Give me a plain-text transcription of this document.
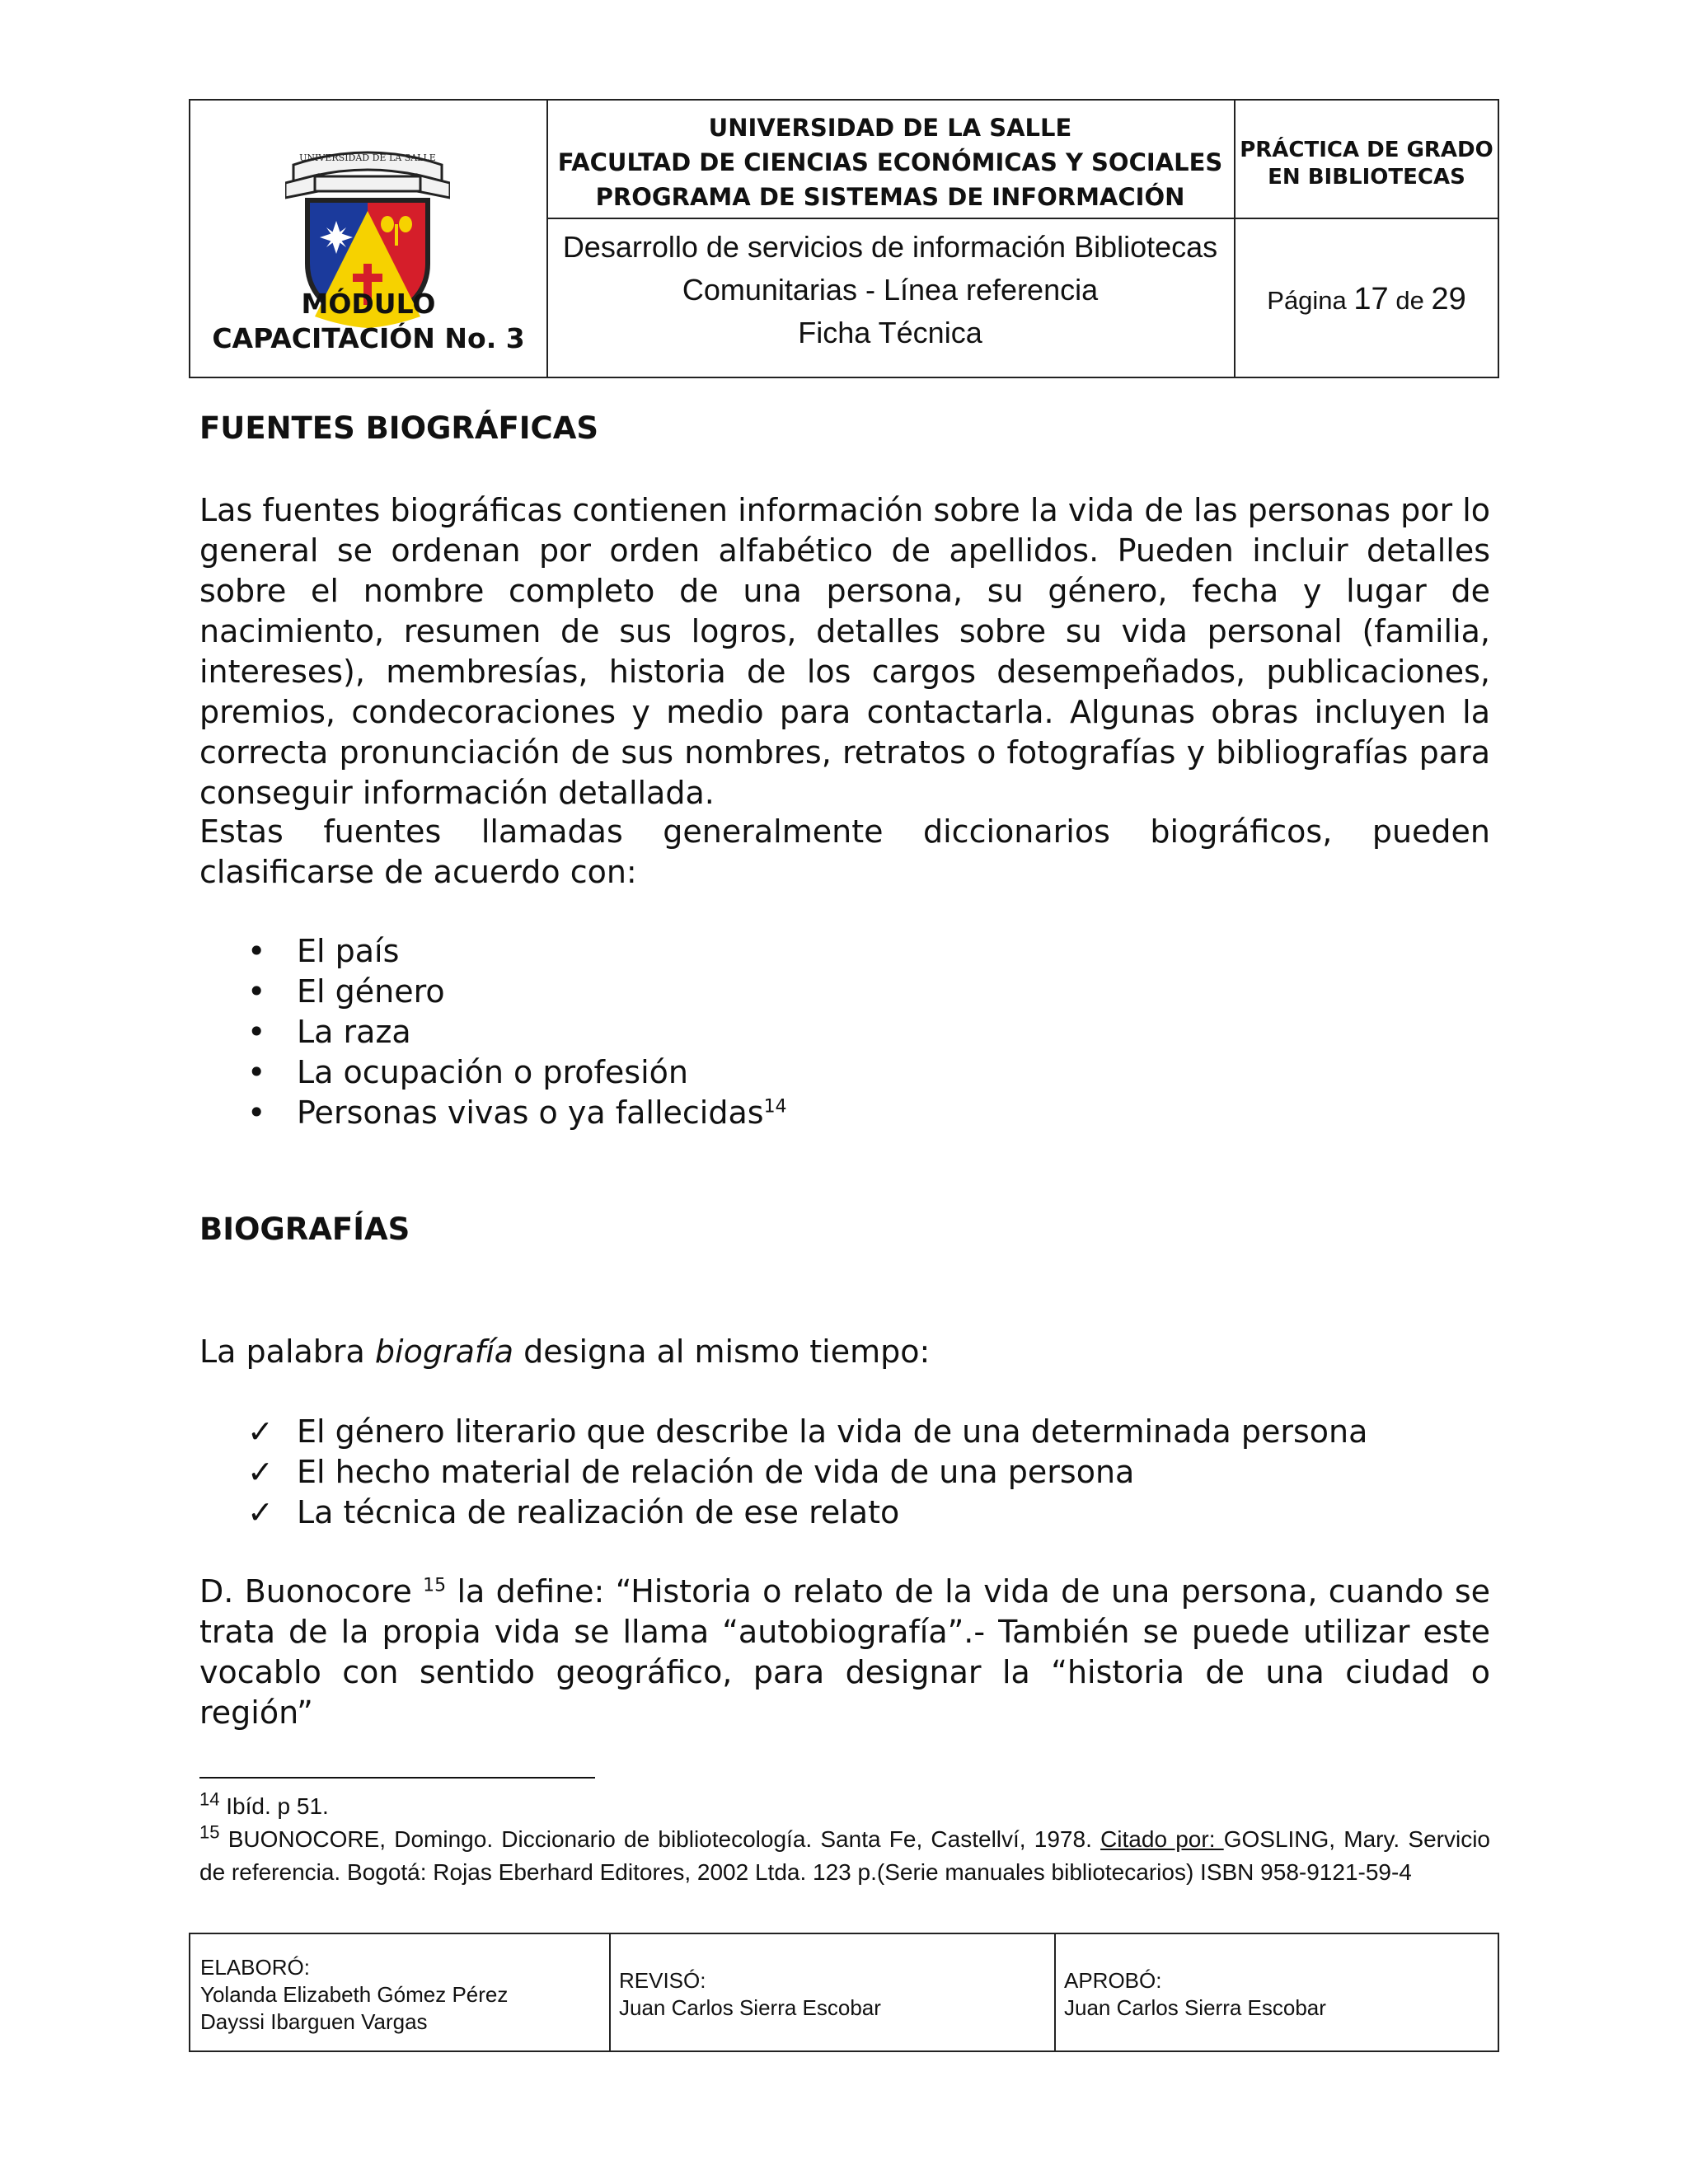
UNIVERSIDAD DE LA SALLE
MÓDULO
CAPACITACIÓN No. 3
UNIVERSIDAD DE LA SALLE
FACULTAD DE CIENCIAS ECONÓMICAS Y SOCIALES
PROGRAMA DE SISTEMAS DE INFORMACIÓN
Desarrollo de servicios de información Bibliotecas
Comunitarias - Línea referencia
Ficha Técnica
PRÁCTICA DE GRADO
EN BIBLIOTECAS
Página 17 de 29
FUENTES BIOGRÁFICAS

Las fuentes biográficas contienen información sobre la vida de las personas por lo general se ordenan por orden alfabético de apellidos. Pueden incluir detalles sobre el nombre completo de una persona, su género, fecha y lugar de nacimiento, resumen de sus logros, detalles sobre su vida personal (familia, intereses), membresías, historia de los cargos desempeñados, publicaciones, premios, condecoraciones y medio para contactarla. Algunas obras incluyen la correcta pronunciación de sus nombres, retratos o fotografías y bibliografías para conseguir información detallada.

Estas fuentes llamadas generalmente diccionarios biográficos, pueden clasificarse de acuerdo con:

• El país
• El género
• La raza
• La ocupación o profesión
• Personas vivas o ya fallecidas$^{14}$
BIOGRAFÍAS

La palabra biografía designa al mismo tiempo:

✓ El género literario que describe la vida de una determinada persona
✓ El hecho material de relación de vida de una persona
✓ La técnica de realización de ese relato

D. Buonocore $^{15}$ la define: “Historia o relato de la vida de una persona, cuando se trata de la propia vida se llama “autobiografía”.- También se puede utilizar este vocablo con sentido geográfico, para designar la “historia de una ciudad o región”

$^{14}$ Ibíd. p 51.
$^{15}$ BUONOCORE, Domingo. Diccionario de bibliotecología. Santa Fe, Castellví, 1978. Citado por: GOSLING, Mary. Servicio de referencia. Bogotá: Rojas Eberhard Editores, 2002 Ltda. 123 p.(Serie manuales bibliotecarios) ISBN 958-9121-59-4
ELABORÓ:
Yolanda Elizabeth Gómez Pérez
Dayssi Ibarguen Vargas
REVISÓ:
Juan Carlos Sierra Escobar
APROBÓ:
Juan Carlos Sierra Escobar
